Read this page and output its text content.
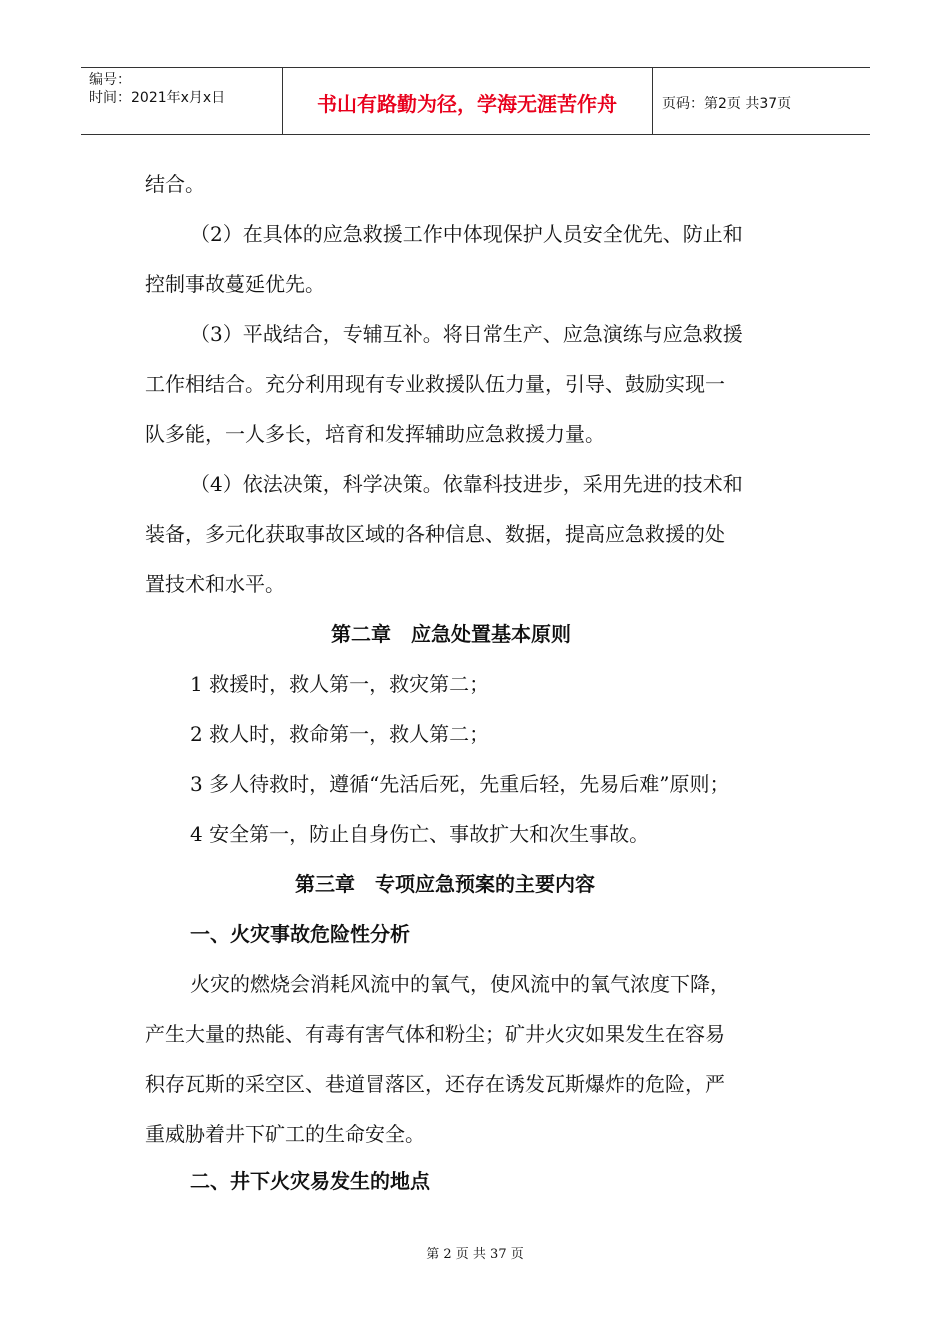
编号：
时间：2021年x月x日	书山有路勤为径，学海无涯苦作舟	页码：第2页 共37页
结合。
（2）在具体的应急救援工作中体现保护人员安全优先、防止和
控制事故蔓延优先。
（3）平战结合，专辅互补。将日常生产、应急演练与应急救援
工作相结合。充分利用现有专业救援队伍力量，引导、鼓励实现一
队多能，一人多长，培育和发挥辅助应急救援力量。
（4）依法决策，科学决策。依靠科技进步，采用先进的技术和
装备，多元化获取事故区域的各种信息、数据，提高应急救援的处
置技术和水平。
第二章　应急处置基本原则
1 救援时，救人第一，救灾第二；
2 救人时，救命第一，救人第二；
3 多人待救时，遵循“先活后死，先重后轻，先易后难”原则；
4 安全第一，防止自身伤亡、事故扩大和次生事故。
第三章　专项应急预案的主要内容
一、火灾事故危险性分析
火灾的燃烧会消耗风流中的氧气，使风流中的氧气浓度下降，
产生大量的热能、有毒有害气体和粉尘；矿井火灾如果发生在容易
积存瓦斯的采空区、巷道冒落区，还存在诱发瓦斯爆炸的危险，严
重威胁着井下矿工的生命安全。
二、井下火灾易发生的地点
第 2 页 共 37 页
